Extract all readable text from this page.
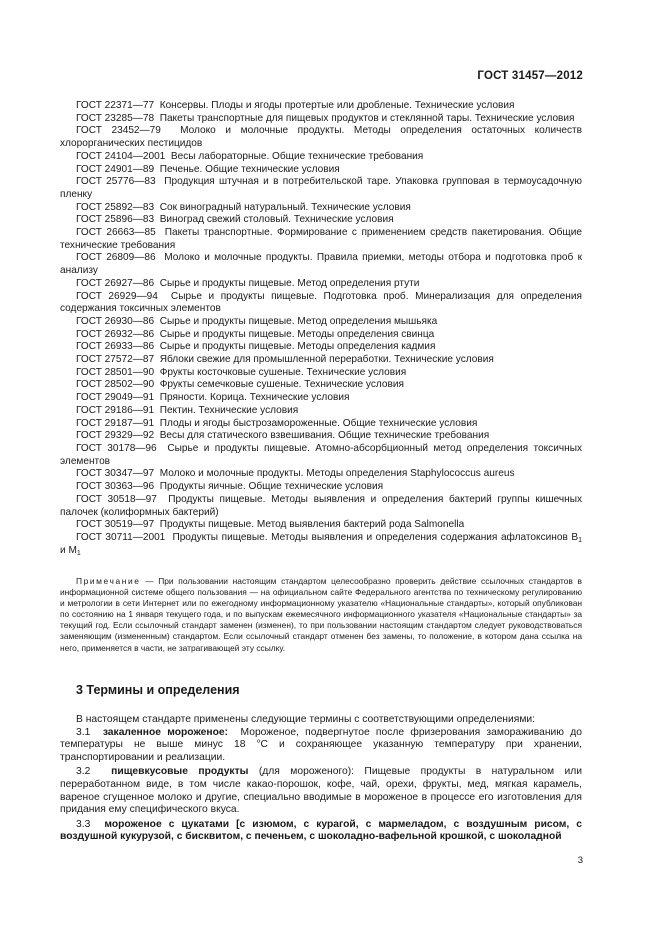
ГОСТ 31457—2012

ГОСТ 22371—77 Консервы. Плоды и ягоды протертые или дробленые. Технические условия

ГОСТ 23285—78 Пакеты транспортные для пищевых продуктов и стеклянной тары. Технические условия

ГОСТ 23452—79 Молоко и молочные продукты. Методы определения остаточных количеств хлорорганических пестицидов

ГОСТ 24104—2001 Весы лабораторные. Общие технические требования

ГОСТ 24901—89 Печенье. Общие технические условия

ГОСТ 25776—83 Продукция штучная и в потребительской таре. Упаковка групповая в термоусадочную пленку

ГОСТ 25892—83 Сок виноградный натуральный. Технические условия

ГОСТ 25896—83 Виноград свежий столовый. Технические условия

ГОСТ 26663—85 Пакеты транспортные. Формирование с применением средств пакетирования. Общие технические требования

ГОСТ 26809—86 Молоко и молочные продукты. Правила приемки, методы отбора и подготовка проб к анализу

ГОСТ 26927—86 Сырье и продукты пищевые. Метод определения ртути

ГОСТ 26929—94 Сырье и продукты пищевые. Подготовка проб. Минерализация для определения содержания токсичных элементов

ГОСТ 26930—86 Сырье и продукты пищевые. Метод определения мышьяка

ГОСТ 26932—86 Сырье и продукты пищевые. Методы определения свинца

ГОСТ 26933—86 Сырье и продукты пищевые. Методы определения кадмия

ГОСТ 27572—87 Яблоки свежие для промышленной переработки. Технические условия

ГОСТ 28501—90 Фрукты косточковые сушеные. Технические условия

ГОСТ 28502—90 Фрукты семечковые сушеные. Технические условия

ГОСТ 29049—91 Пряности. Корица. Технические условия

ГОСТ 29186—91 Пектин. Технические условия

ГОСТ 29187—91 Плоды и ягоды быстрозамороженные. Общие технические условия

ГОСТ 29329—92 Весы для статического взвешивания. Общие технические требования

ГОСТ 30178—96 Сырье и продукты пищевые. Атомно-абсорбционный метод определения токсичных элементов

ГОСТ 30347—97 Молоко и молочные продукты. Методы определения Staphylococcus aureus

ГОСТ 30363—96 Продукты яичные. Общие технические условия

ГОСТ 30518—97 Продукты пищевые. Методы выявления и определения бактерий группы кишечных палочек (колиформных бактерий)

ГОСТ 30519—97 Продукты пищевые. Метод выявления бактерий рода Salmonella

ГОСТ 30711—2001 Продукты пищевые. Методы выявления и определения содержания афлатоксинов $B_1$ и $M_1$

Примечание — При пользовании настоящим стандартом целесообразно проверить действие ссылочных стандартов в информационной системе общего пользования — на официальном сайте Федерального агентства по техническому регулированию и метрологии в сети Интернет или по ежегодному информационному указателю «Национальные стандарты», который опубликован по состоянию на 1 января текущего года, и по выпускам ежемесячного информационного указателя «Национальные стандарты» за текущий год. Если ссылочный стандарт заменен (изменен), то при пользовании настоящим стандартом следует руководствоваться заменяющим (измененным) стандартом. Если ссылочный стандарт отменен без замены, то положение, в котором дана ссылка на него, применяется в части, не затрагивающей эту ссылку.

3 Термины и определения

В настоящем стандарте применены следующие термины с соответствующими определениями:

3.1 закаленное мороженое: Мороженое, подвергнутое после фризерования замораживанию до температуры не выше минус 18 °С и сохраняющее указанную температуру при хранении, транспортировании и реализации.

3.2 пищевкусовые продукты (для мороженого): Пищевые продукты в натуральном или переработанном виде, в том числе какао-порошок, кофе, чай, орехи, фрукты, мед, мягкая карамель, вареное сгущенное молоко и другие, специально вводимые в мороженое в процессе его изготовления для придания ему специфического вкуса.

3.3 мороженое с цукатами [с изюмом, с курагой, с мармеладом, с воздушным рисом, с воздушной кукурузой, с бисквитом, с печеньем, с шоколадно-вафельной крошкой, с шоколадной

3
